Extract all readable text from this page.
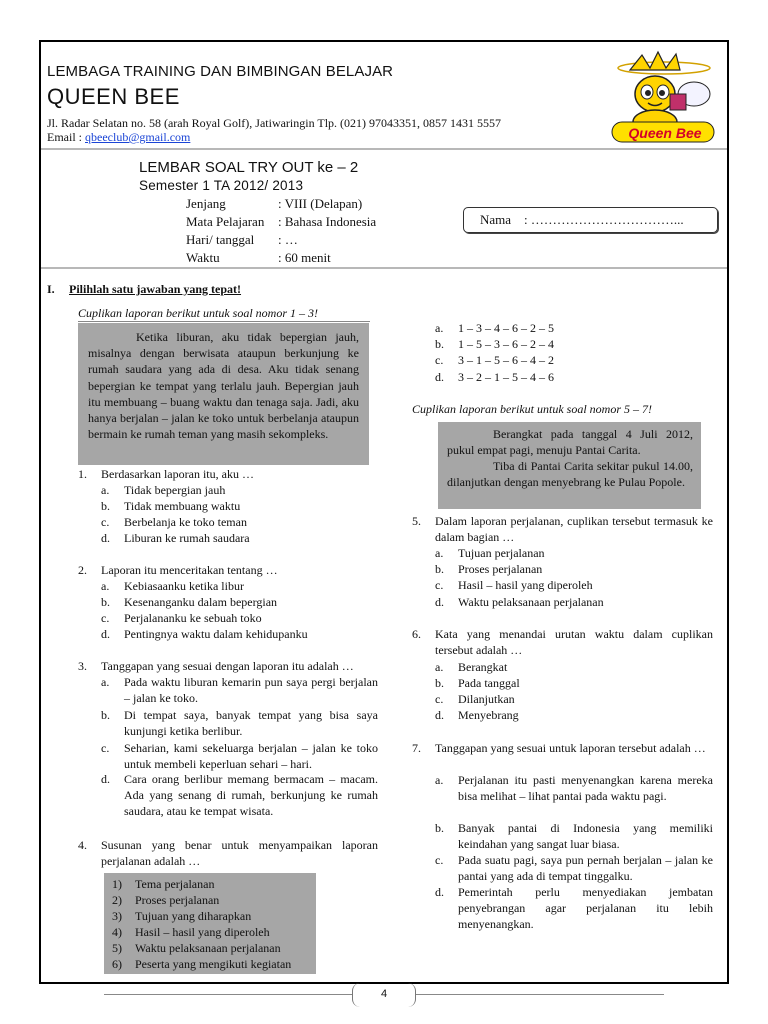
LEMBAGA TRAINING DAN BIMBINGAN BELAJAR
QUEEN BEE
Jl. Radar Selatan no. 58 (arah Royal Golf), Jatiwaringin Tlp. (021) 97043351, 0857 1431 5557
Email : qbeeclub@gmail.com	Queen Bee
LEMBAR SOAL TRY OUT ke – 2
Semester 1 TA 2012/ 2013
Jenjang	: VIII (Delapan)
Mata Pelajaran : Bahasa Indonesia
Hari/ tanggal : …
Waktu	: 60 menit
Nama : ……………………………...
I. Pilihlah satu jawaban yang tepat!
Cuplikan laporan berikut untuk soal nomor 1 – 3!
Ketika liburan, aku tidak bepergian jauh, misalnya dengan berwisata ataupun berkunjung ke rumah saudara yang ada di desa. Aku tidak senang bepergian ke tempat yang terlalu jauh. Bepergian jauh itu membuang – buang waktu dan tenaga saja. Jadi, aku hanya berjalan – jalan ke toko untuk berbelanja ataupun bermain ke rumah teman yang masih sekompleks.
1. Berdasarkan laporan itu, aku …
a. Tidak bepergian jauh
b. Tidak membuang waktu
c. Berbelanja ke toko teman
d. Liburan ke rumah saudara
2. Laporan itu menceritakan tentang …
a. Kebiasaanku ketika libur
b. Kesenanganku dalam bepergian
c. Perjalananku ke sebuah toko
d. Pentingnya waktu dalam kehidupanku
3. Tanggapan yang sesuai dengan laporan itu adalah …
a.	Pada waktu liburan kemarin pun saya pergi berjalan – jalan ke toko.
b.	Di tempat saya, banyak tempat yang bisa saya kunjungi ketika berlibur.
c.	Seharian, kami sekeluarga berjalan – jalan ke toko untuk membeli keperluan sehari – hari.
d.	Cara orang berlibur memang bermacam – macam. Ada yang senang di rumah, berkunjung ke rumah saudara, atau ke tempat wisata.
4. Susunan yang benar untuk menyampaikan laporan perjalanan adalah …
1) Tema perjalanan
2) Proses perjalanan
3) Tujuan yang diharapkan
4) Hasil – hasil yang diperoleh
5) Waktu pelaksanaan perjalanan
6) Peserta yang mengikuti kegiatan
a. 1 – 3 – 4 – 6 – 2 – 5
b. 1 – 5 – 3 – 6 – 2 – 4
c. 3 – 1 – 5 – 6 – 4 – 2
d. 3 – 2 – 1 – 5 – 4 – 6
Cuplikan laporan berikut untuk soal nomor 5 – 7!
Berangkat pada tanggal 4 Juli 2012, pukul empat pagi, menuju Pantai Carita.
Tiba di Pantai Carita sekitar pukul 14.00, dilanjutkan dengan menyebrang ke Pulau Popole.
5. Dalam laporan perjalanan, cuplikan tersebut termasuk ke dalam bagian …
a. Tujuan perjalanan
b. Proses perjalanan
c. Hasil – hasil yang diperoleh
d. Waktu pelaksanaan perjalanan
6. Kata yang menandai urutan waktu dalam cuplikan tersebut adalah …
a. Berangkat
b. Pada tanggal
c. Dilanjutkan
d. Menyebrang
7. Tanggapan yang sesuai untuk laporan tersebut adalah …
a.	Perjalanan itu pasti menyenangkan karena mereka bisa melihat – lihat pantai pada waktu pagi.
b.	Banyak pantai di Indonesia yang memiliki keindahan yang sangat luar biasa.
c.	Pada suatu pagi, saya pun pernah berjalan – jalan ke pantai yang ada di tempat tinggalku.
d.	Pemerintah perlu menyediakan jembatan penyebrangan agar perjalanan itu lebih menyenangkan.
4
